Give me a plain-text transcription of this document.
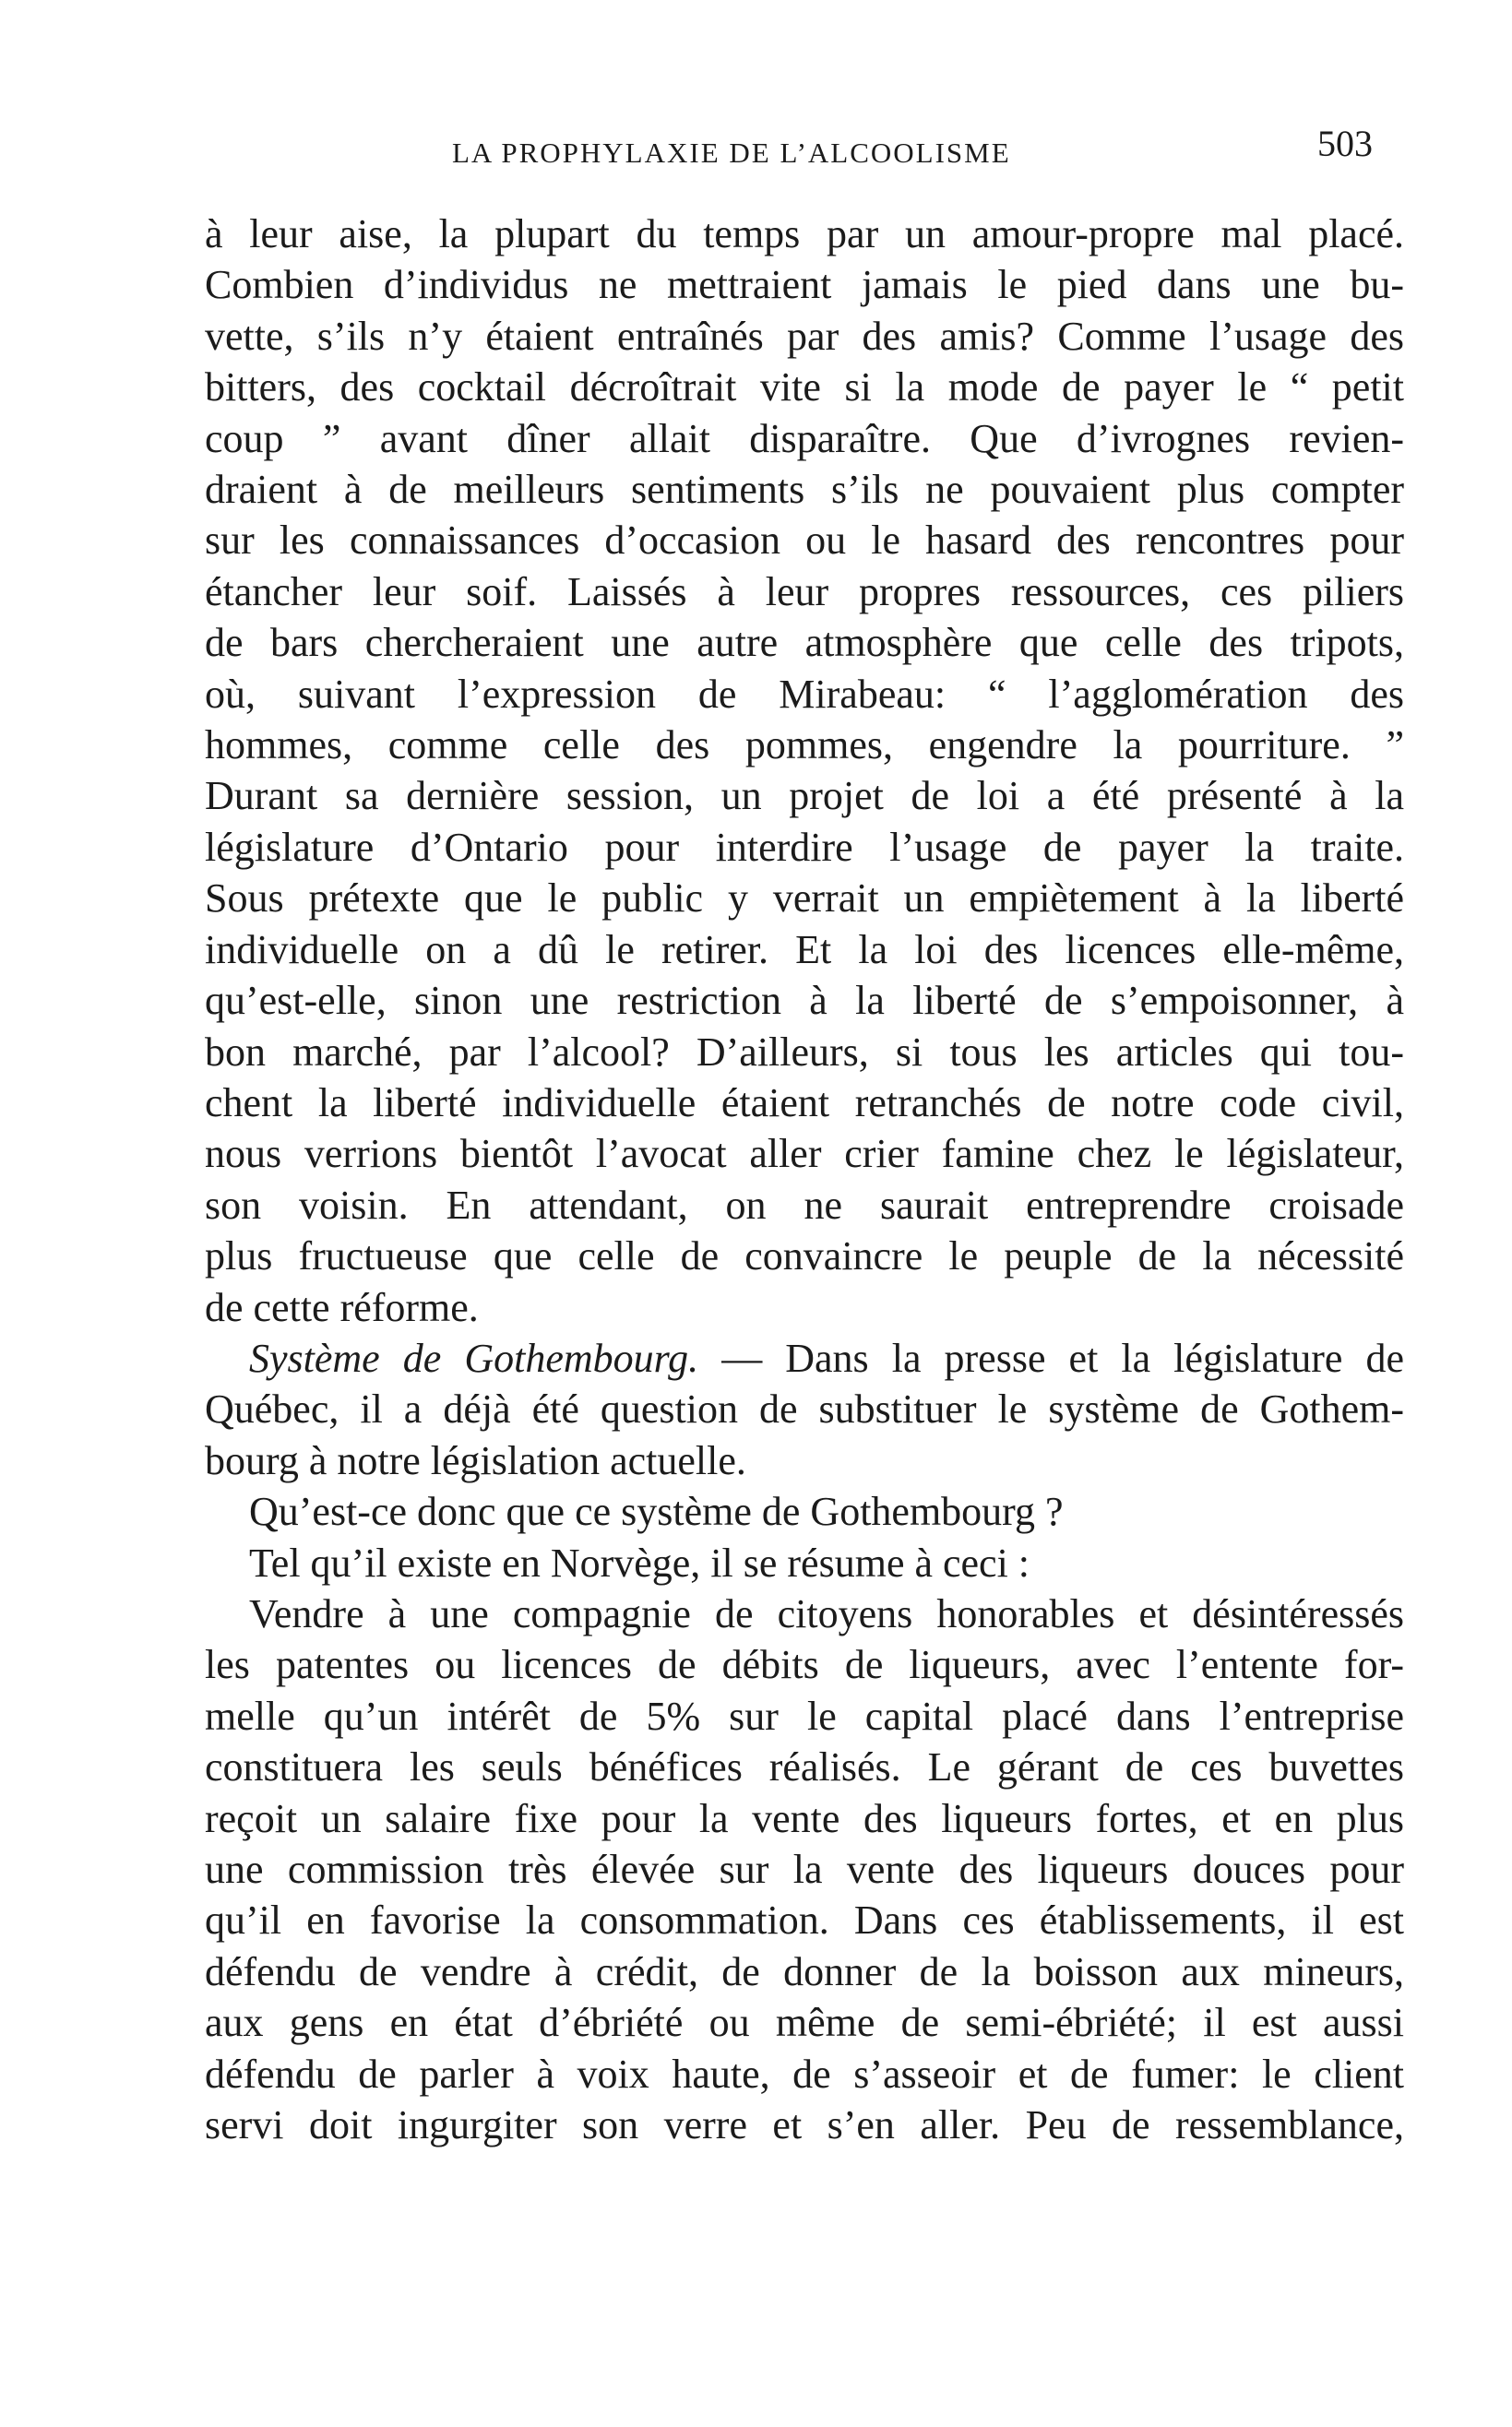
LA PROPHYLAXIE DE L’ALCOOLISME	503
à leur aise, la plupart du temps par un amour-propre mal placé.
Combien d’individus ne mettraient jamais le pied dans une bu-
vette, s’ils n’y étaient entraînés par des amis? Comme l’usage des
bitters, des cocktail décroîtrait vite si la mode de payer le “ petit
coup ” avant dîner allait disparaître. Que d’ivrognes revien-
draient à de meilleurs sentiments s’ils ne pouvaient plus compter
sur les connaissances d’occasion ou le hasard des rencontres pour
étancher leur soif. Laissés à leur propres ressources, ces piliers
de bars chercheraient une autre atmosphère que celle des tripots,
où, suivant l’expression de Mirabeau: “ l’agglomération des
hommes, comme celle des pommes, engendre la pourriture. ”
Durant sa dernière session, un projet de loi a été présenté à la
législature d’Ontario pour interdire l’usage de payer la traite.
Sous prétexte que le public y verrait un empiètement à la liberté
individuelle on a dû le retirer. Et la loi des licences elle-même,
qu’est-elle, sinon une restriction à la liberté de s’empoisonner, à
bon marché, par l’alcool? D’ailleurs, si tous les articles qui tou-
chent la liberté individuelle étaient retranchés de notre code civil,
nous verrions bientôt l’avocat aller crier famine chez le législateur,
son voisin. En attendant, on ne saurait entreprendre croisade
plus fructueuse que celle de convaincre le peuple de la nécessité
de cette réforme.
Système de Gothembourg. — Dans la presse et la législature de
Québec, il a déjà été question de substituer le système de Gothem-
bourg à notre législation actuelle.
Qu’est-ce donc que ce système de Gothembourg ?
Tel qu’il existe en Norvège, il se résume à ceci :
Vendre à une compagnie de citoyens honorables et désintéressés
les patentes ou licences de débits de liqueurs, avec l’entente for-
melle qu’un intérêt de 5% sur le capital placé dans l’entreprise
constituera les seuls bénéfices réalisés. Le gérant de ces buvettes
reçoit un salaire fixe pour la vente des liqueurs fortes, et en plus
une commission très élevée sur la vente des liqueurs douces pour
qu’il en favorise la consommation. Dans ces établissements, il est
défendu de vendre à crédit, de donner de la boisson aux mineurs,
aux gens en état d’ébriété ou même de semi-ébriété; il est aussi
défendu de parler à voix haute, de s’asseoir et de fumer: le client
servi doit ingurgiter son verre et s’en aller. Peu de ressemblance,
